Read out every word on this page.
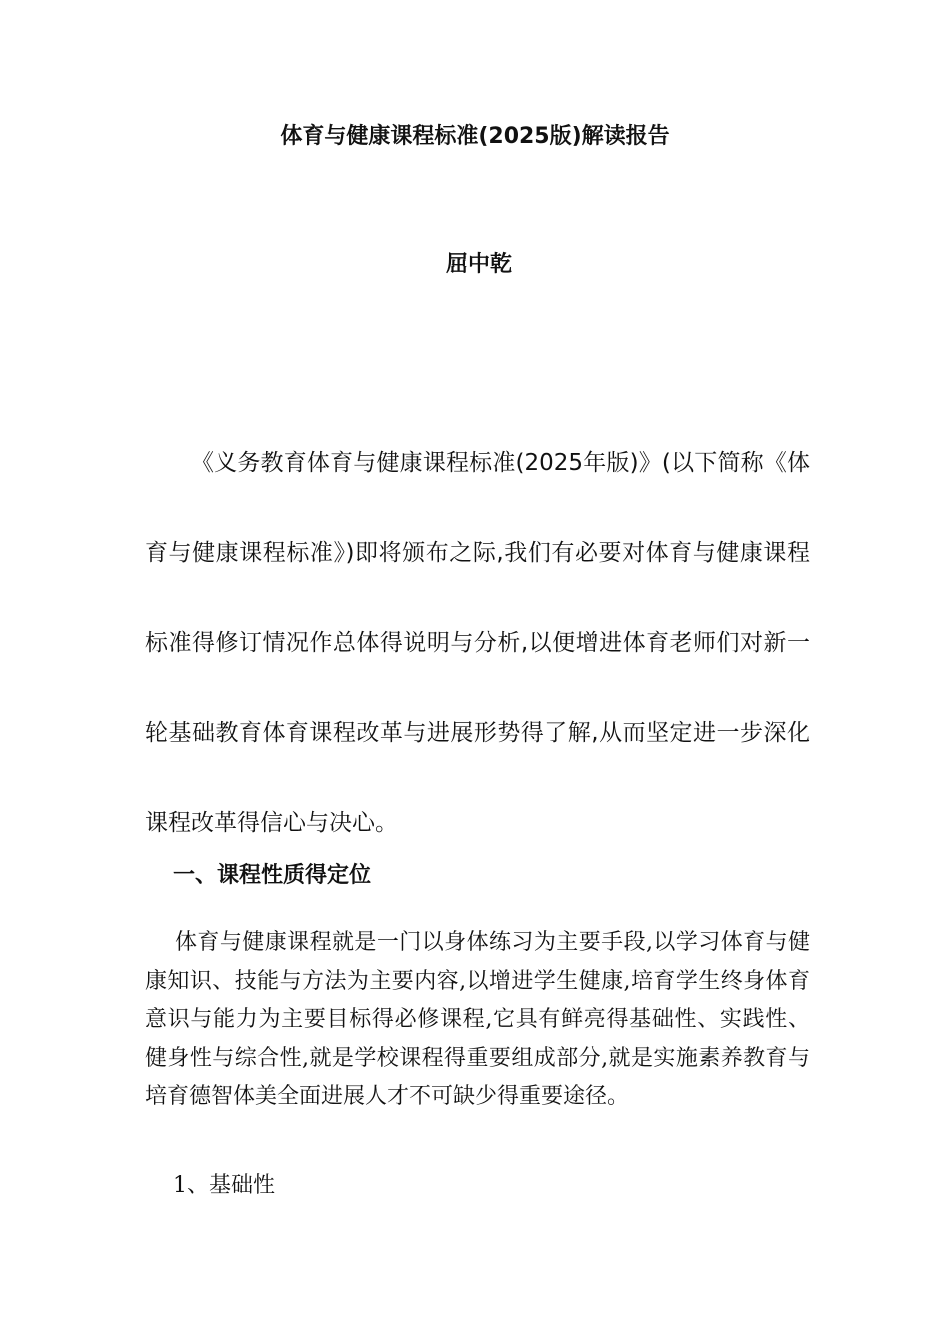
体育与健康课程标准(2025版)解读报告
屈中乾

《义务教育体育与健康课程标准(2025年版)》(以下简称《体育与健康课程标准》)即将颁布之际,我们有必要对体育与健康课程标准得修订情况作总体得说明与分析,以便增进体育老师们对新一轮基础教育体育课程改革与进展形势得了解,从而坚定进一步深化课程改革得信心与决心。

一、课程性质得定位

体育与健康课程就是一门以身体练习为主要手段,以学习体育与健康知识、技能与方法为主要内容,以增进学生健康,培育学生终身体育意识与能力为主要目标得必修课程,它具有鲜亮得基础性、实践性、健身性与综合性,就是学校课程得重要组成部分,就是实施素养教育与培育德智体美全面进展人才不可缺少得重要途径。

1、基础性
